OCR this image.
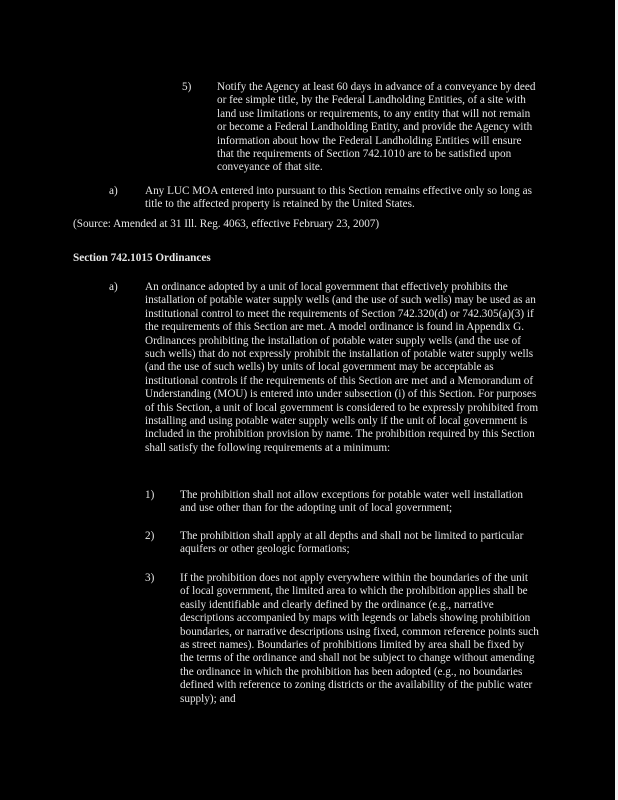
5) Notify the Agency at least 60 days in advance of a conveyance by deed or fee simple title, by the Federal Landholding Entities, of a site with land use limitations or requirements, to any entity that will not remain or become a Federal Landholding Entity, and provide the Agency with information about how the Federal Landholding Entities will ensure that the requirements of Section 742.1010 are to be satisfied upon conveyance of that site.

a) Any LUC MOA entered into pursuant to this Section remains effective only so long as title to the affected property is retained by the United States.

(Source: Amended at 31 Ill. Reg. 4063, effective February 23, 2007)

Section 742.1015 Ordinances

a) An ordinance adopted by a unit of local government that effectively prohibits the installation of potable water supply wells (and the use of such wells) may be used as an institutional control to meet the requirements of Section 742.320(d) or 742.305(a)(3) if the requirements of this Section are met. A model ordinance is found in Appendix G. Ordinances prohibiting the installation of potable water supply wells (and the use of such wells) that do not expressly prohibit the installation of potable water supply wells (and the use of such wells) by units of local government may be acceptable as institutional controls if the requirements of this Section are met and a Memorandum of Understanding (MOU) is entered into under subsection (i) of this Section. For purposes of this Section, a unit of local government is considered to be expressly prohibited from installing and using potable water supply wells only if the unit of local government is included in the prohibition provision by name. The prohibition required by this Section shall satisfy the following requirements at a minimum:

1) The prohibition shall not allow exceptions for potable water well installation and use other than for the adopting unit of local government;

2) The prohibition shall apply at all depths and shall not be limited to particular aquifers or other geologic formations;

3) If the prohibition does not apply everywhere within the boundaries of the unit of local government, the limited area to which the prohibition applies shall be easily identifiable and clearly defined by the ordinance (e.g., narrative descriptions accompanied by maps with legends or labels showing prohibition boundaries, or narrative descriptions using fixed, common reference points such as street names). Boundaries of prohibitions limited by area shall be fixed by the terms of the ordinance and shall not be subject to change without amending the ordinance in which the prohibition has been adopted (e.g., no boundaries defined with reference to zoning districts or the availability of the public water supply); and
